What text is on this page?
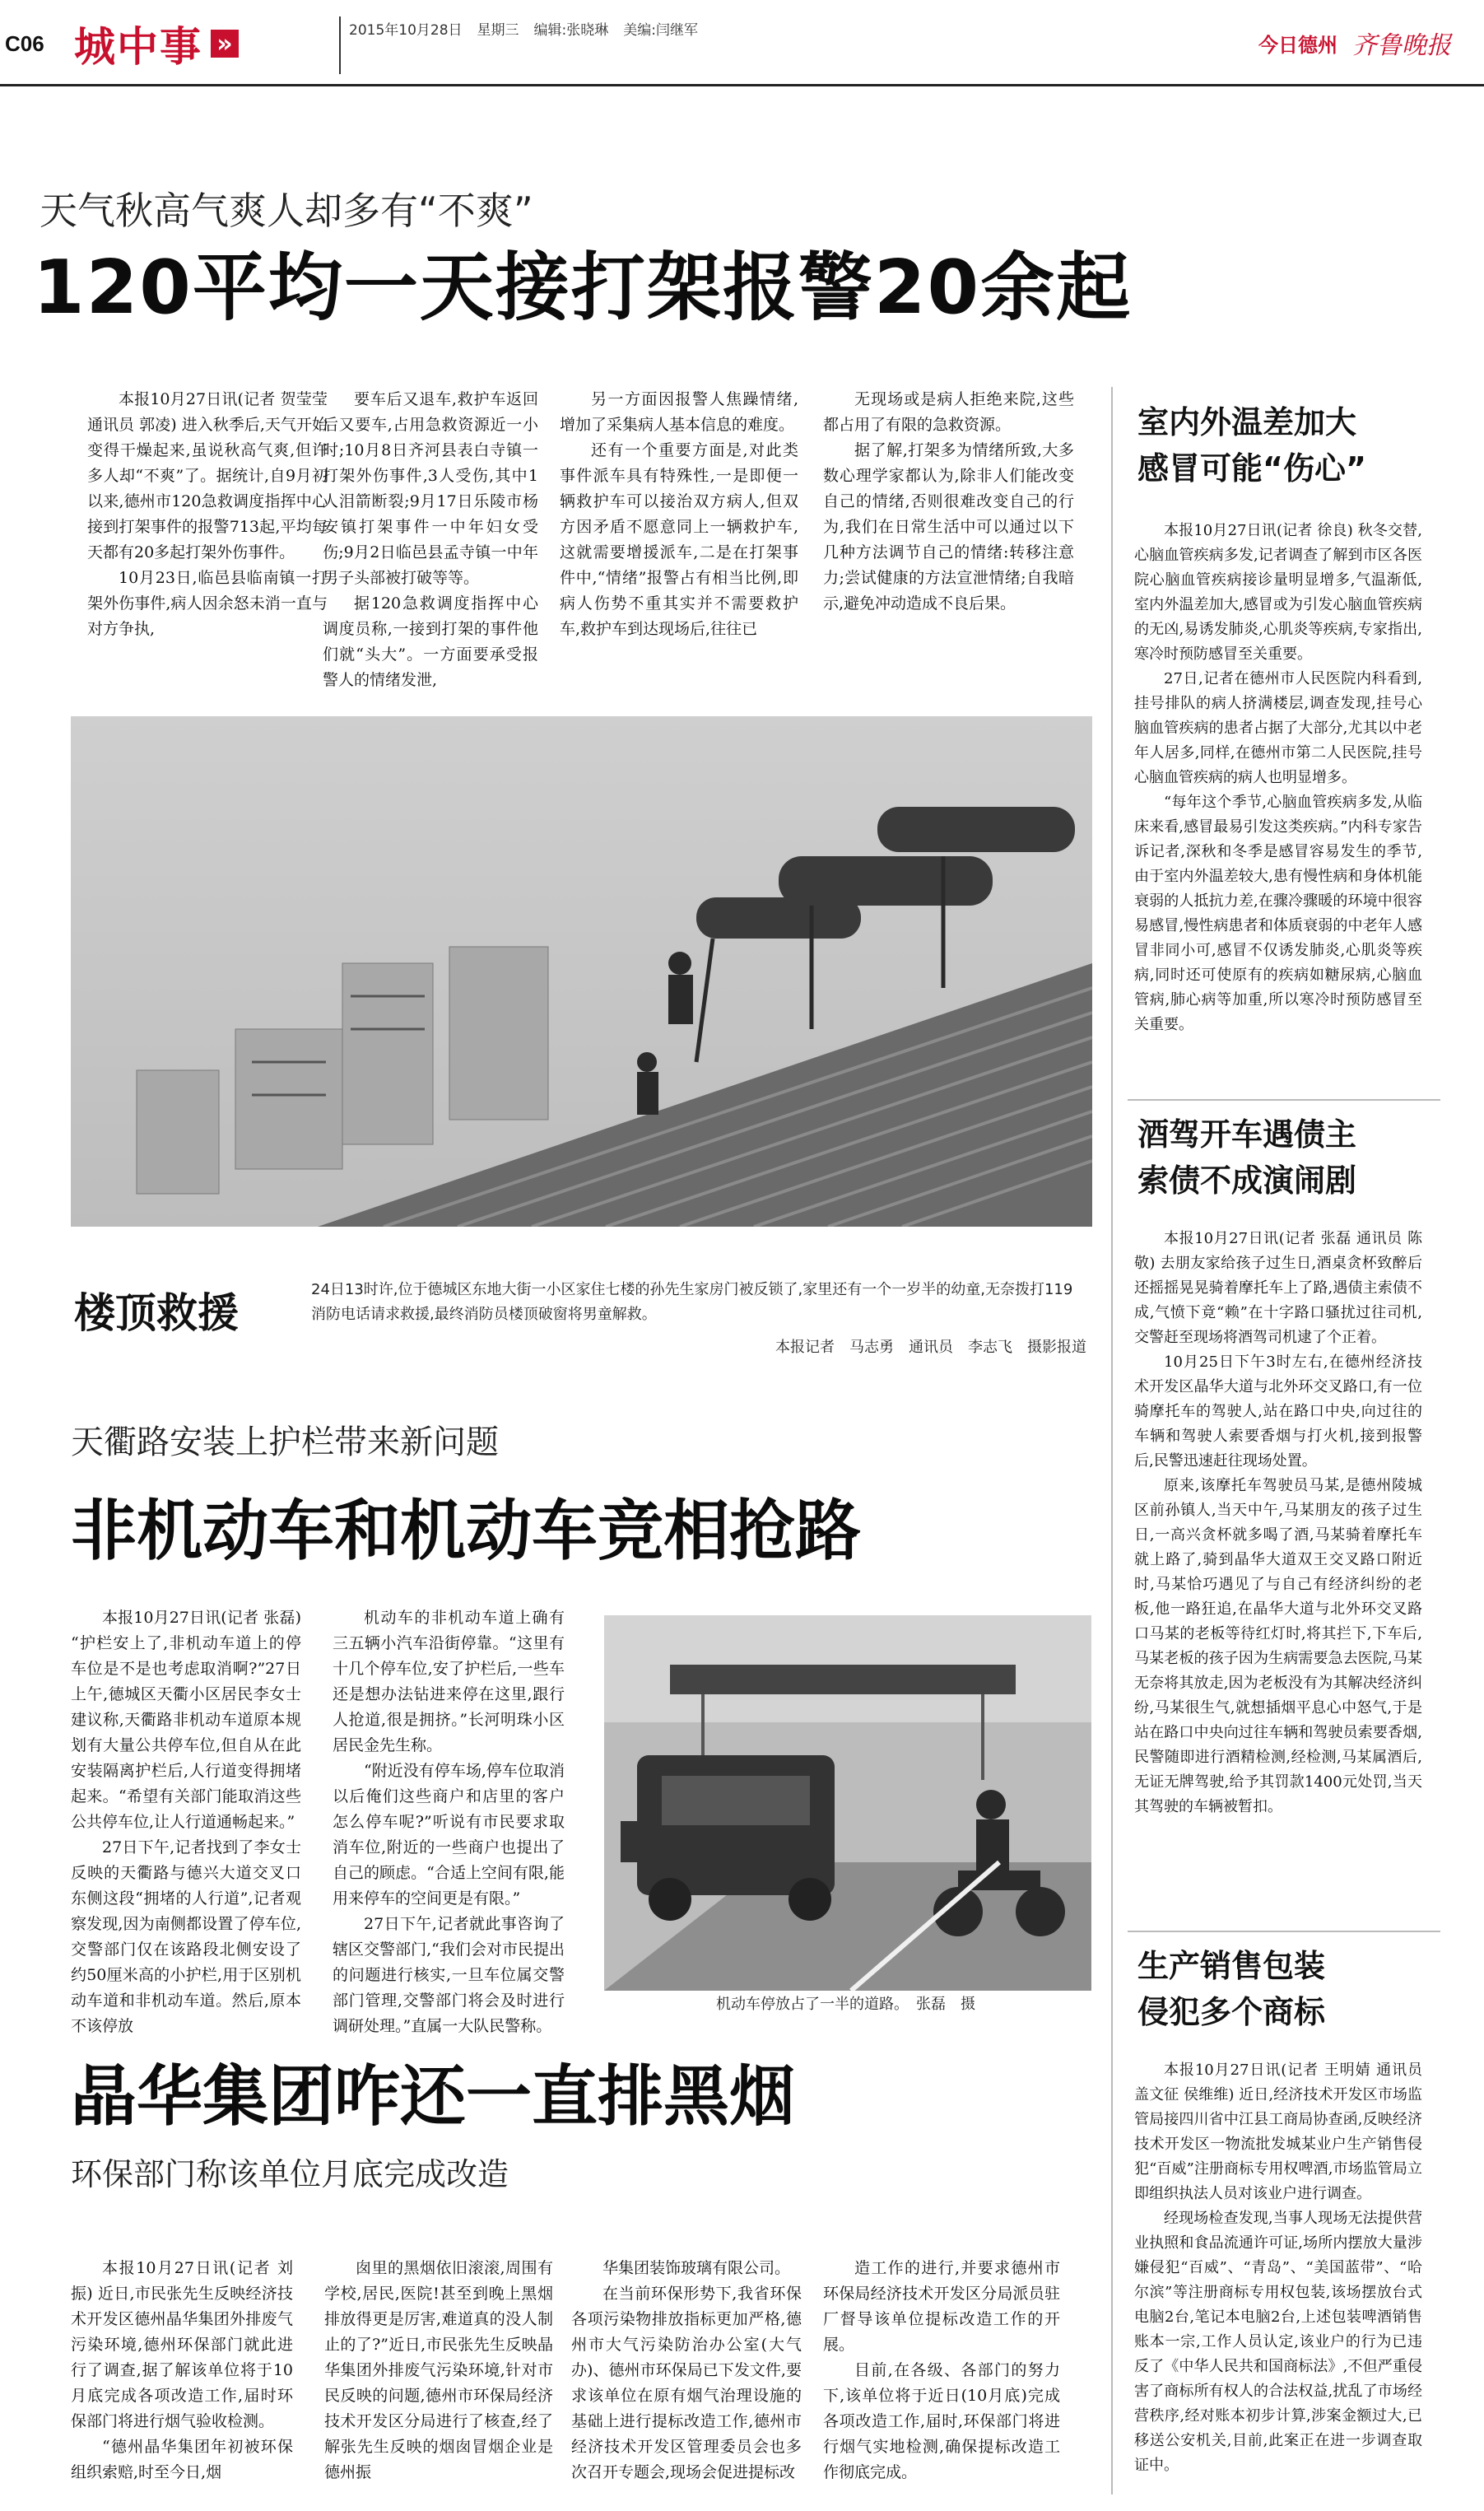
C06 城中事 »	2015年10月28日 星期三 编辑:张晓琳 美编:闫继军
今日德州 齐鲁晚报
天气秋高气爽人却多有“不爽”
120平均一天接打架报警20余起

本报10月27日讯(记者 贺莹莹 通讯员 郭凌) 进入秋季后,天气开始变得干燥起来,虽说秋高气爽,但许多人却“不爽”了。据统计,自9月初以来,德州市120急救调度指挥中心接到打架事件的报警713起,平均每天都有20多起打架外伤事件。

10月23日,临邑县临南镇一打架外伤事件,病人因余怒未消一直与对方争执,

要车后又退车,救护车返回后又要车,占用急救资源近一小时;10月8日齐河县表白寺镇一打架外伤事件,3人受伤,其中1人泪箭断裂;9月17日乐陵市杨安镇打架事件一中年妇女受伤;9月2日临邑县孟寺镇一中年男子头部被打破等等。

据120急救调度指挥中心调度员称,一接到打架的事件他们就“头大”。一方面要承受报警人的情绪发泄,

另一方面因报警人焦躁情绪,增加了采集病人基本信息的难度。

还有一个重要方面是,对此类事件派车具有特殊性,一是即便一辆救护车可以接治双方病人,但双方因矛盾不愿意同上一辆救护车,这就需要增援派车,二是在打架事件中,“情绪”报警占有相当比例,即病人伤势不重其实并不需要救护车,救护车到达现场后,往往已

无现场或是病人拒绝来院,这些都占用了有限的急救资源。

据了解,打架多为情绪所致,大多数心理学家都认为,除非人们能改变自己的情绪,否则很难改变自己的行为,我们在日常生活中可以通过以下几种方法调节自己的情绪:转移注意力;尝试健康的方法宣泄情绪;自我暗示,避免冲动造成不良后果。

楼顶救援	24日13时许,位于德城区东地大街一小区家住七楼的孙先生家房门被反锁了,家里还有一个一岁半的幼童,无奈拨打119消防电话请求救援,最终消防员楼顶破窗将男童解救。
本报记者　马志勇　通讯员　李志飞　摄影报道
天衢路安装上护栏带来新问题
非机动车和机动车竞相抢路

本报10月27日讯(记者 张磊) “护栏安上了,非机动车道上的停车位是不是也考虑取消啊?”27日上午,德城区天衢小区居民李女士建议称,天衢路非机动车道原本规划有大量公共停车位,但自从在此安装隔离护栏后,人行道变得拥堵起来。“希望有关部门能取消这些公共停车位,让人行道通畅起来。”

27日下午,记者找到了李女士反映的天衢路与德兴大道交叉口东侧这段“拥堵的人行道”,记者观察发现,因为南侧都设置了停车位,交警部门仅在该路段北侧安设了约50厘米高的小护栏,用于区别机动车道和非机动车道。然后,原本不该停放

机动车的非机动车道上确有三五辆小汽车沿街停靠。“这里有十几个停车位,安了护栏后,一些车还是想办法钻进来停在这里,跟行人抢道,很是拥挤。”长河明珠小区居民金先生称。

“附近没有停车场,停车位取消以后俺们这些商户和店里的客户怎么停车呢?”听说有市民要求取消车位,附近的一些商户也提出了自己的顾虑。“合适上空间有限,能用来停车的空间更是有限。”

27日下午,记者就此事咨询了辖区交警部门,“我们会对市民提出的问题进行核实,一旦车位属交警部门管理,交警部门将会及时进行调研处理。”直属一大队民警称。

机动车停放占了一半的道路。　张磊　摄
晶华集团咋还一直排黑烟
环保部门称该单位月底完成改造

本报10月27日讯(记者 刘振) 近日,市民张先生反映经济技术开发区德州晶华集团外排废气污染环境,德州环保部门就此进行了调查,据了解该单位将于10月底完成各项改造工作,届时环保部门将进行烟气验收检测。

“德州晶华集团年初被环保组织索赔,时至今日,烟

囱里的黑烟依旧滚滚,周围有学校,居民,医院!甚至到晚上黑烟排放得更是厉害,难道真的没人制止的了?”近日,市民张先生反映晶华集团外排废气污染环境,针对市民反映的问题,德州市环保局经济技术开发区分局进行了核查,经了解张先生反映的烟囱冒烟企业是德州振

华集团装饰玻璃有限公司。

在当前环保形势下,我省环保各项污染物排放指标更加严格,德州市大气污染防治办公室(大气办)、德州市环保局已下发文件,要求该单位在原有烟气治理设施的基础上进行提标改造工作,德州市经济技术开发区管理委员会也多次召开专题会,现场会促进提标改

造工作的进行,并要求德州市环保局经济技术开发区分局派员驻厂督导该单位提标改造工作的开展。

目前,在各级、各部门的努力下,该单位将于近日(10月底)完成各项改造工作,届时,环保部门将进行烟气实地检测,确保提标改造工作彻底完成。

室内外温差加大
感冒可能“伤心”

本报10月27日讯(记者 徐良) 秋冬交替,心脑血管疾病多发,记者调查了解到市区各医院心脑血管疾病接诊量明显增多,气温渐低,室内外温差加大,感冒或为引发心脑血管疾病的无凶,易诱发肺炎,心肌炎等疾病,专家指出,寒冷时预防感冒至关重要。

27日,记者在德州市人民医院内科看到,挂号排队的病人挤满楼层,调查发现,挂号心脑血管疾病的患者占据了大部分,尤其以中老年人居多,同样,在德州市第二人民医院,挂号心脑血管疾病的病人也明显增多。

“每年这个季节,心脑血管疾病多发,从临床来看,感冒最易引发这类疾病。”内科专家告诉记者,深秋和冬季是感冒容易发生的季节,由于室内外温差较大,患有慢性病和身体机能衰弱的人抵抗力差,在骤冷骤暖的环境中很容易感冒,慢性病患者和体质衰弱的中老年人感冒非同小可,感冒不仅诱发肺炎,心肌炎等疾病,同时还可使原有的疾病如糖尿病,心脑血管病,肺心病等加重,所以寒冷时预防感冒至关重要。

酒驾开车遇债主
索债不成演闹剧

本报10月27日讯(记者 张磊 通讯员 陈敬) 去朋友家给孩子过生日,酒桌贪杯致醉后还摇摇晃晃骑着摩托车上了路,遇债主索债不成,气愤下竟“赖”在十字路口骚扰过往司机,交警赶至现场将酒驾司机逮了个正着。

10月25日下午3时左右,在德州经济技术开发区晶华大道与北外环交叉路口,有一位骑摩托车的驾驶人,站在路口中央,向过往的车辆和驾驶人索要香烟与打火机,接到报警后,民警迅速赶往现场处置。

原来,该摩托车驾驶员马某,是德州陵城区前孙镇人,当天中午,马某朋友的孩子过生日,一高兴贪杯就多喝了酒,马某骑着摩托车就上路了,骑到晶华大道双王交叉路口附近时,马某恰巧遇见了与自己有经济纠纷的老板,他一路狂追,在晶华大道与北外环交叉路口马某的老板等待红灯时,将其拦下,下车后,马某老板的孩子因为生病需要急去医院,马某无奈将其放走,因为老板没有为其解决经济纠纷,马某很生气,就想插烟平息心中怒气,于是站在路口中央向过往车辆和驾驶员索要香烟,民警随即进行酒精检测,经检测,马某属酒后,无证无牌驾驶,给予其罚款1400元处罚,当天其驾驶的车辆被暂扣。

生产销售包装
侵犯多个商标

本报10月27日讯(记者 王明婧 通讯员 盖文征 侯维维) 近日,经济技术开发区市场监管局接四川省中江县工商局协查函,反映经济技术开发区一物流批发城某业户生产销售侵犯“百威”注册商标专用权啤酒,市场监管局立即组织执法人员对该业户进行调查。

经现场检查发现,当事人现场无法提供营业执照和食品流通许可证,场所内摆放大量涉嫌侵犯“百威”、“青岛”、“美国蓝带”、“哈尔滨”等注册商标专用权包装,该场摆放台式电脑2台,笔记本电脑2台,上述包装啤酒销售账本一宗,工作人员认定,该业户的行为已违反了《中华人民共和国商标法》,不但严重侵害了商标所有权人的合法权益,扰乱了市场经营秩序,经对账本初步计算,涉案金额过大,已移送公安机关,目前,此案正在进一步调查取证中。
